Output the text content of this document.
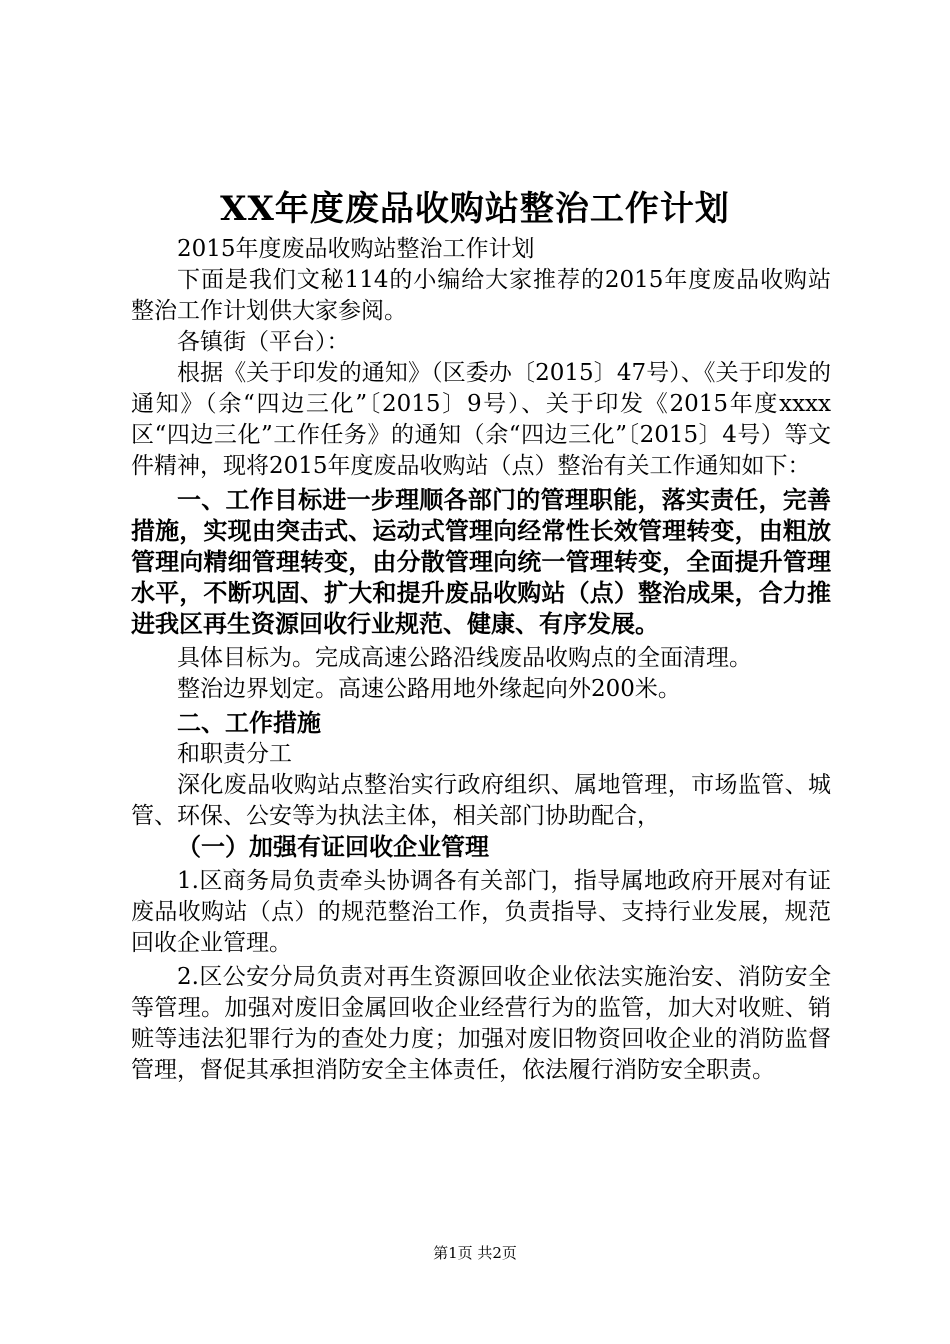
XX年度废品收购站整治工作计划

2015年度废品收购站整治工作计划

下面是我们文秘114的小编给大家推荐的2015年度废品收购站整治工作计划供大家参阅。

各镇街（平台）：

根据《关于印发的通知》（区委办〔2015〕47号）、《关于印发的通知》（余“四边三化”〔2015〕9号）、关于印发《2015年度xxxx区“四边三化”工作任务》的通知（余“四边三化”〔2015〕4号）等文件精神，现将2015年度废品收购站（点）整治有关工作通知如下：

一、工作目标进一步理顺各部门的管理职能，落实责任，完善措施，实现由突击式、运动式管理向经常性长效管理转变，由粗放管理向精细管理转变，由分散管理向统一管理转变，全面提升管理水平，不断巩固、扩大和提升废品收购站（点）整治成果，合力推进我区再生资源回收行业规范、健康、有序发展。

具体目标为。完成高速公路沿线废品收购点的全面清理。

整治边界划定。高速公路用地外缘起向外200米。

二、工作措施

和职责分工

深化废品收购站点整治实行政府组织、属地管理，市场监管、城管、环保、公安等为执法主体，相关部门协助配合，

（一）加强有证回收企业管理

1.区商务局负责牵头协调各有关部门，指导属地政府开展对有证废品收购站（点）的规范整治工作，负责指导、支持行业发展，规范回收企业管理。

2.区公安分局负责对再生资源回收企业依法实施治安、消防安全等管理。加强对废旧金属回收企业经营行为的监管，加大对收赃、销赃等违法犯罪行为的查处力度；加强对废旧物资回收企业的消防监督管理，督促其承担消防安全主体责任，依法履行消防安全职责。

第1页 共2页
